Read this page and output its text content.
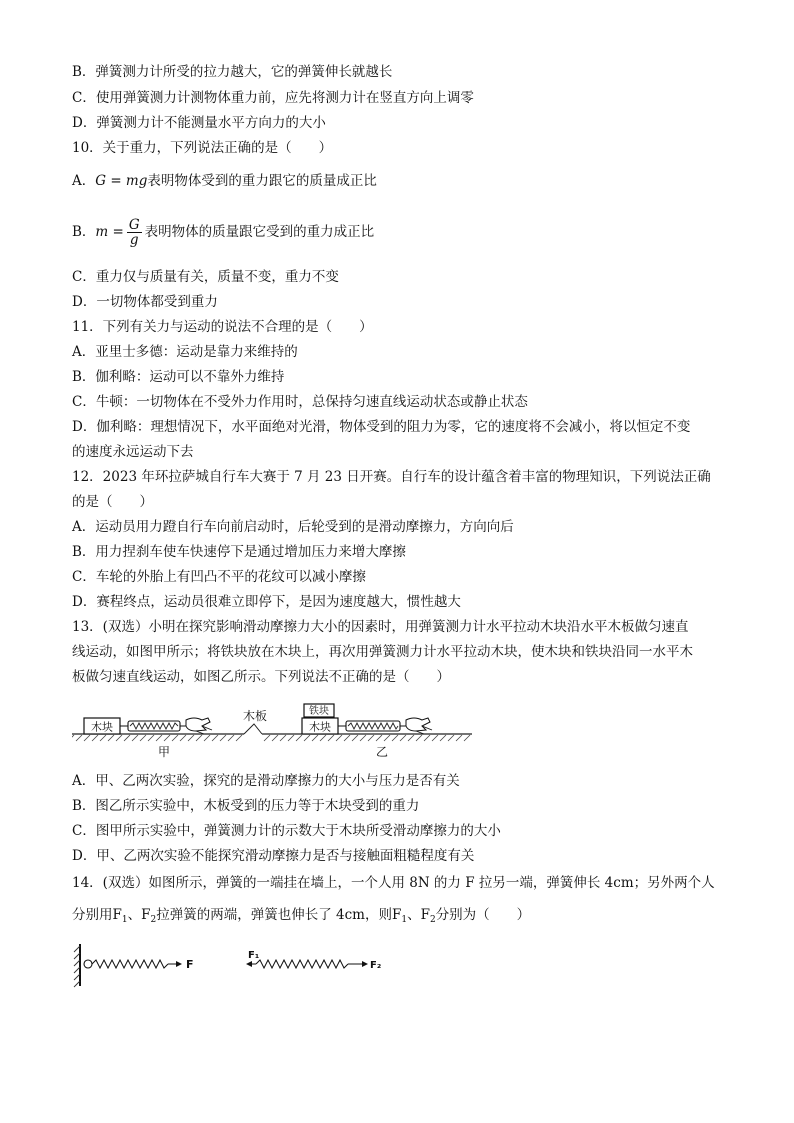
B．弹簧测力计所受的拉力越大，它的弹簧伸长就越长
C．使用弹簧测力计测物体重力前，应先将测力计在竖直方向上调零
D．弹簧测力计不能测量水平方向力的大小
10．关于重力，下列说法正确的是（　　）
A．G = mg表明物体受到的重力跟它的质量成正比
B．$m = \frac{G}{g}$ 表明物体的质量跟它受到的重力成正比
C．重力仅与质量有关，质量不变，重力不变
D．一切物体都受到重力
11．下列有关力与运动的说法不合理的是（　　）
A．亚里士多德：运动是靠力来维持的
B．伽利略：运动可以不靠外力维持
C．牛顿：一切物体在不受外力作用时，总保持匀速直线运动状态或静止状态
D．伽利略：理想情况下，水平面绝对光滑，物体受到的阻力为零，它的速度将不会减小，将以恒定不变
的速度永远运动下去
12．2023 年环拉萨城自行车大赛于 7 月 23 日开赛。自行车的设计蕴含着丰富的物理知识，下列说法正确
的是（　　）
A．运动员用力蹬自行车向前启动时，后轮受到的是滑动摩擦力，方向向后
B．用力捏刹车使车快速停下是通过增加压力来增大摩擦
C．车轮的外胎上有凹凸不平的花纹可以减小摩擦
D．赛程终点，运动员很难立即停下，是因为速度越大，惯性越大
13．(双选）小明在探究影响滑动摩擦力大小的因素时，用弹簧测力计水平拉动木块沿水平木板做匀速直
线运动，如图甲所示；将铁块放在木块上，再次用弹簧测力计水平拉动木块，使木块和铁块沿同一水平木
板做匀速直线运动，如图乙所示。下列说法不正确的是（　　）
木块
甲
木板	铁块
木块
乙
A．甲、乙两次实验，探究的是滑动摩擦力的大小与压力是否有关
B．图乙所示实验中，木板受到的压力等于木块受到的重力
C．图甲所示实验中，弹簧测力计的示数大于木块所受滑动摩擦力的大小
D．甲、乙两次实验不能探究滑动摩擦力是否与接触面粗糙程度有关
14．(双选）如图所示，弹簧的一端挂在墙上，一个人用 8N 的力 F 拉另一端，弹簧伸长 4cm；另外两个人
分别用$F_1$、$F_2$拉弹簧的两端，弹簧也伸长了 4cm，则$F_1$、$F_2$分别为（　　）
F
F₁
F₂
